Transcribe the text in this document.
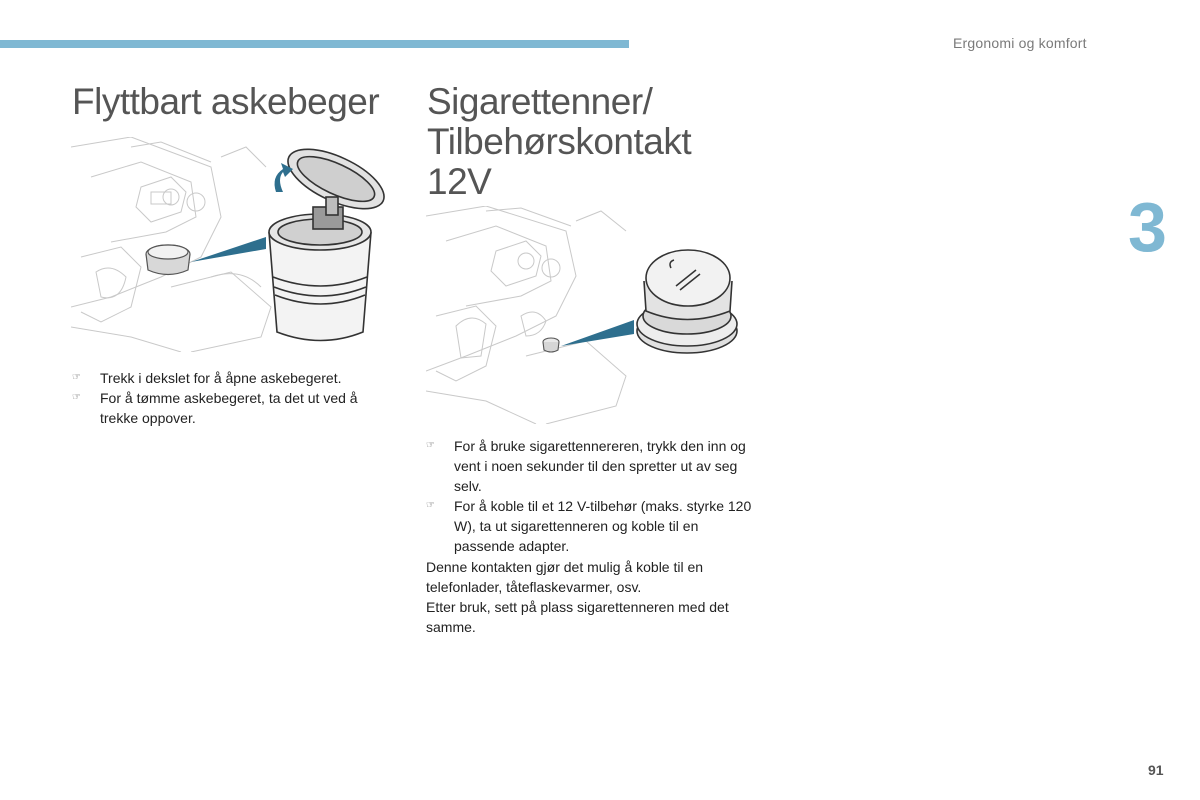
Ergonomi og komfort
3
Flyttbart askebeger
☞ Trekk i dekslet for å åpne askebegeret.
☞ For å tømme askebegeret, ta det ut ved å trekke oppover.
Sigarettenner/
Tilbehørskontakt
12V
☞ For å bruke sigarettennereren, trykk den inn og vent i noen sekunder til den spretter ut av seg selv.
☞ For å koble til et 12 V-tilbehør (maks. styrke 120 W), ta ut sigarettenneren og koble til en passende adapter.

Denne kontakten gjør det mulig å koble til en telefonlader, tåteflaskevarmer, osv.

Etter bruk, sett på plass sigarettenneren med det samme.

91
